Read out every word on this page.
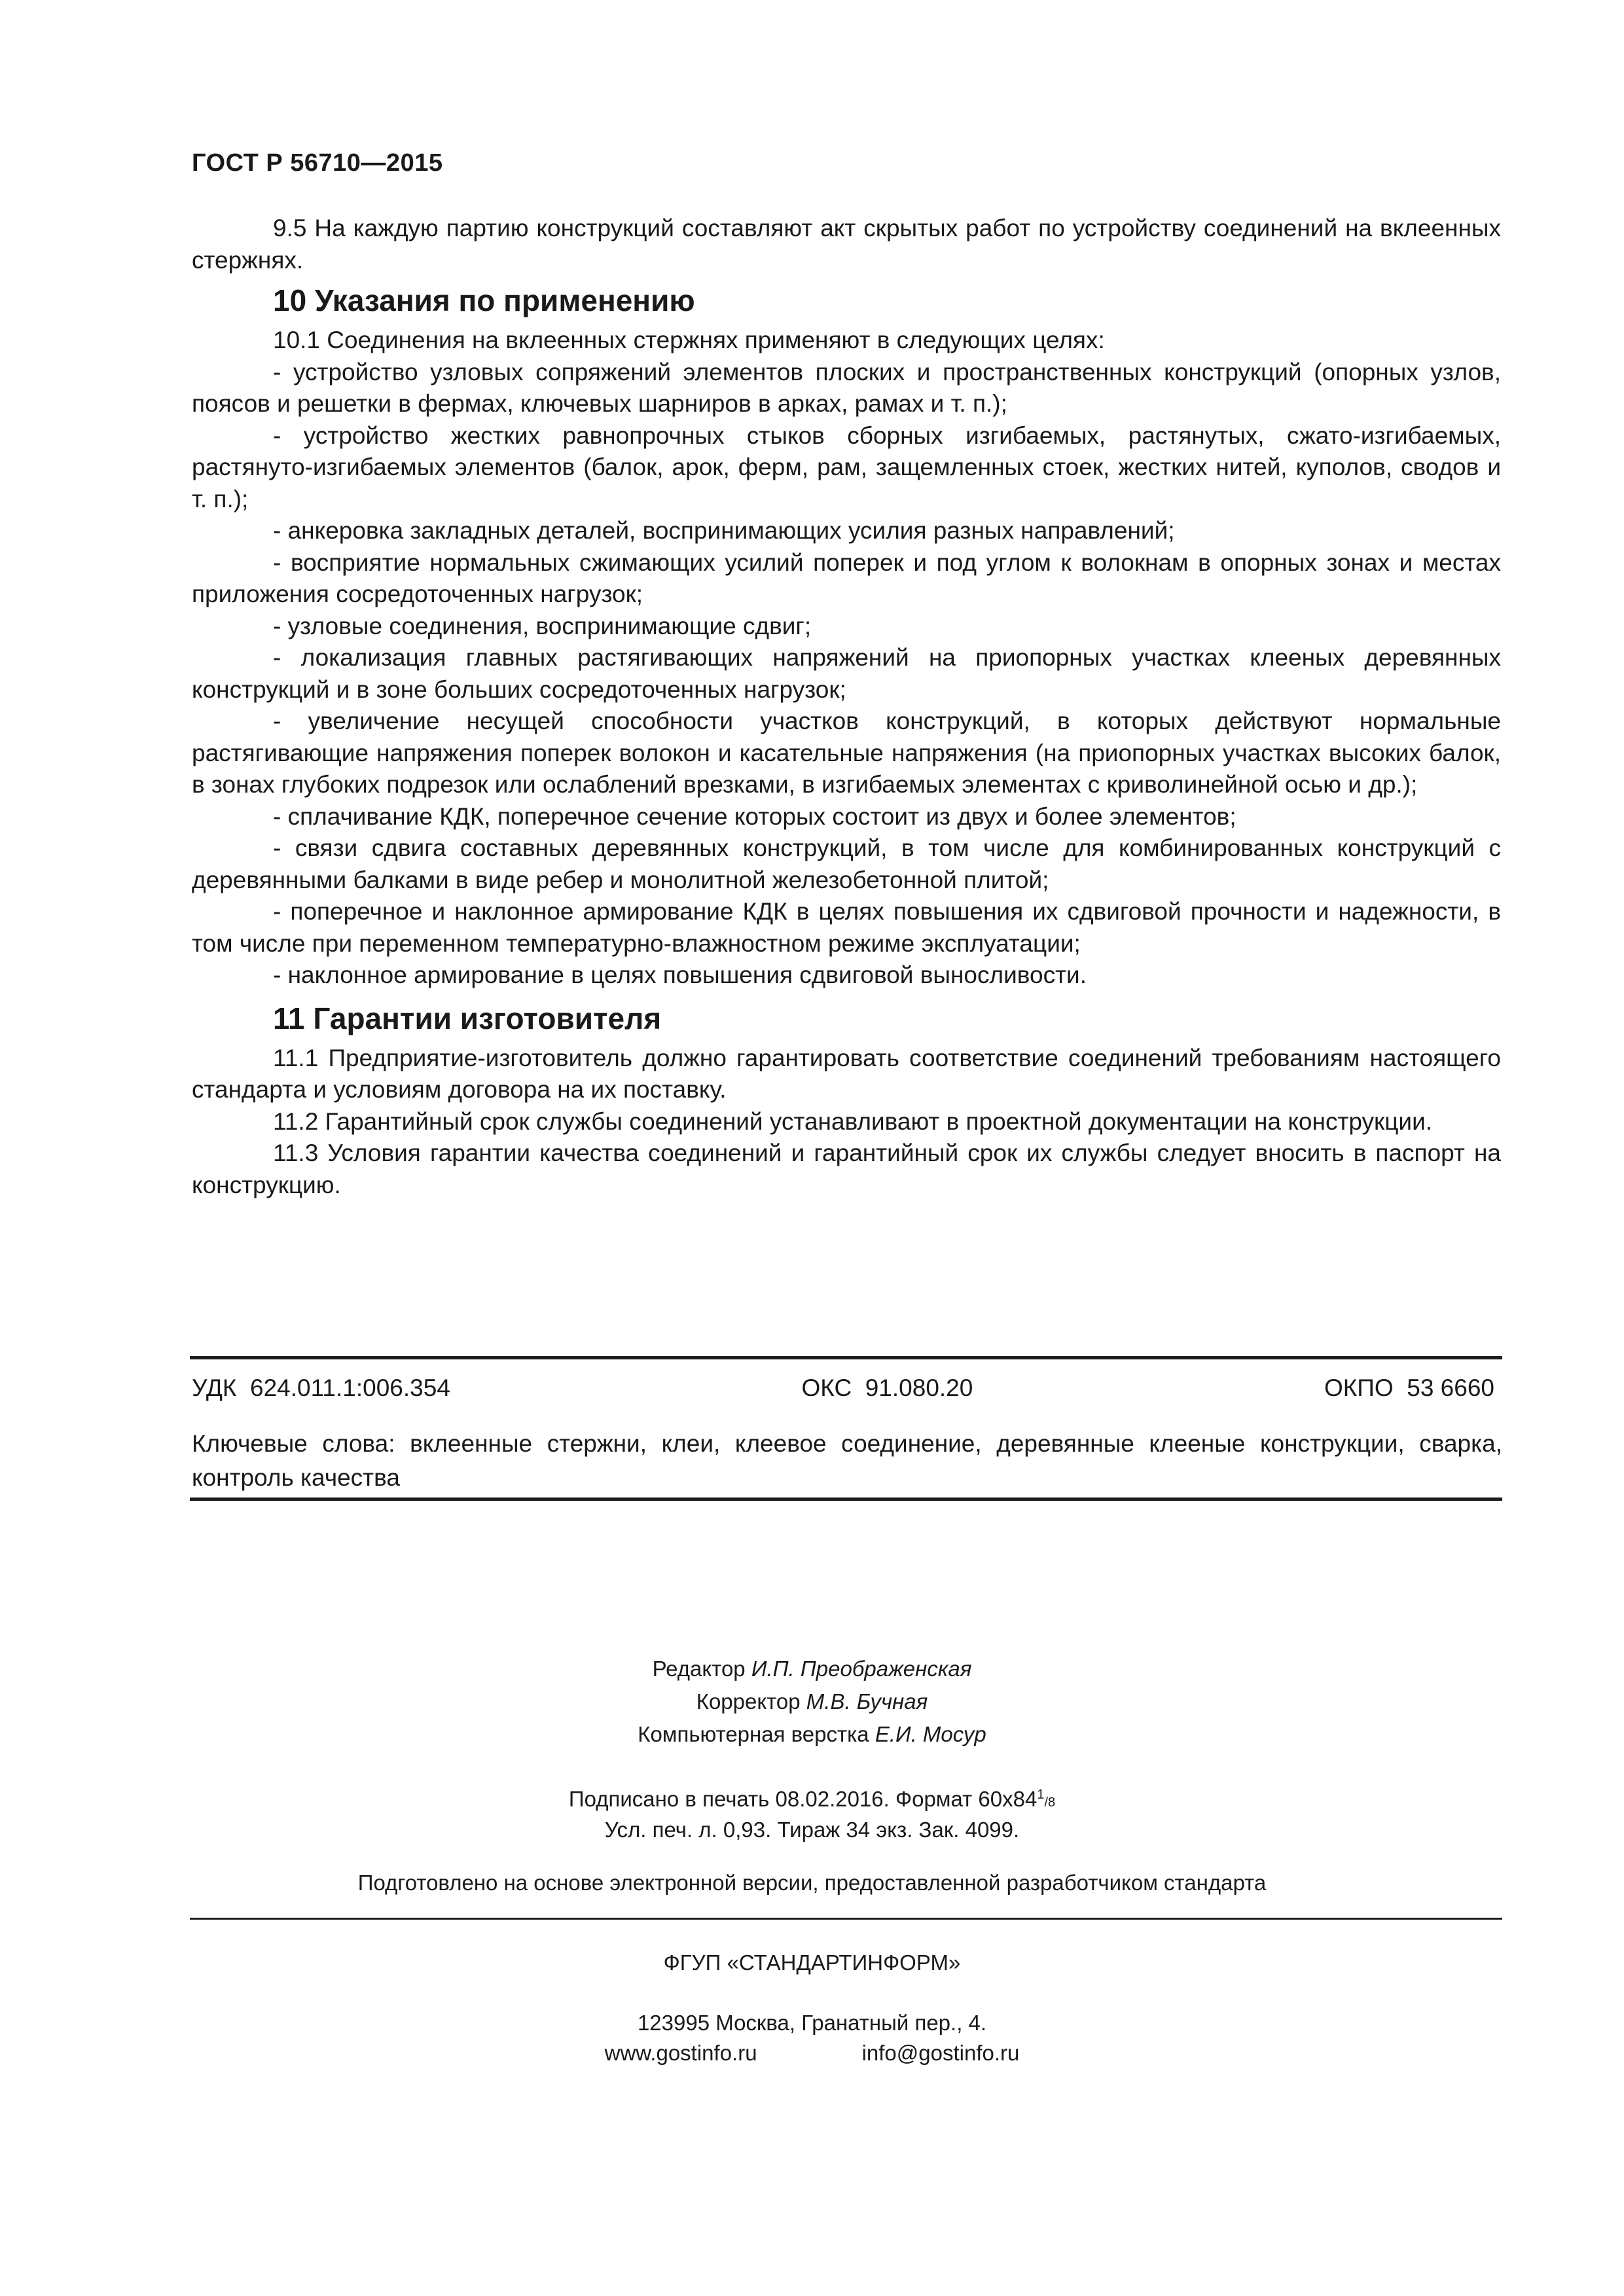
ГОСТ Р 56710—2015

9.5 На каждую партию конструкций составляют акт скрытых работ по устройству соединений на вклеенных стержнях.

10 Указания по применению

10.1 Соединения на вклеенных стержнях применяют в следующих целях:

- устройство узловых сопряжений элементов плоских и пространственных конструкций (опорных узлов, поясов и решетки в фермах, ключевых шарниров в арках, рамах и т. п.);

- устройство жестких равнопрочных стыков сборных изгибаемых, растянутых, сжато-изгибаемых, растянуто-изгибаемых элементов (балок, арок, ферм, рам, защемленных стоек, жестких нитей, куполов, сводов и т. п.);

- анкеровка закладных деталей, воспринимающих усилия разных направлений;

- восприятие нормальных сжимающих усилий поперек и под углом к волокнам в опорных зонах и местах приложения сосредоточенных нагрузок;

- узловые соединения, воспринимающие сдвиг;

- локализация главных растягивающих напряжений на приопорных участках клееных деревянных конструкций и в зоне больших сосредоточенных нагрузок;

- увеличение несущей способности участков конструкций, в которых действуют нормальные растягивающие напряжения поперек волокон и касательные напряжения (на приопорных участках высоких балок, в зонах глубоких подрезок или ослаблений врезками, в изгибаемых элементах с криволинейной осью и др.);

- сплачивание КДК, поперечное сечение которых состоит из двух и более элементов;

- связи сдвига составных деревянных конструкций, в том числе для комбинированных конструкций с деревянными балками в виде ребер и монолитной железобетонной плитой;

- поперечное и наклонное армирование КДК в целях повышения их сдвиговой прочности и надежности, в том числе при переменном температурно-влажностном режиме эксплуатации;

- наклонное армирование в целях повышения сдвиговой выносливости.

11 Гарантии изготовителя

11.1 Предприятие-изготовитель должно гарантировать соответствие соединений требованиям настоящего стандарта и условиям договора на их поставку.

11.2 Гарантийный срок службы соединений устанавливают в проектной документации на конструкции.

11.3 Условия гарантии качества соединений и гарантийный срок их службы следует вносить в паспорт на конструкцию.

УДК  624.011.1:006.354	ОКС  91.080.20	ОКПО  53 6660
Ключевые слова: вклеенные стержни, клеи, клеевое соединение, деревянные клееные конструкции, сварка, контроль качества
Редактор И.П. Преображенская
Корректор М.В. Бучная
Компьютерная верстка Е.И. Мосур
Подписано в печать 08.02.2016. Формат $60x84^1/8$
Усл. печ. л. 0,93. Тираж 34 экз. Зак. 4099.
Подготовлено на основе электронной версии, предоставленной разработчиком стандарта
ФГУП «СТАНДАРТИНФОРМ»
123995 Москва, Гранатный пер., 4.
www.gostinfo.ru	info@gostinfo.ru
